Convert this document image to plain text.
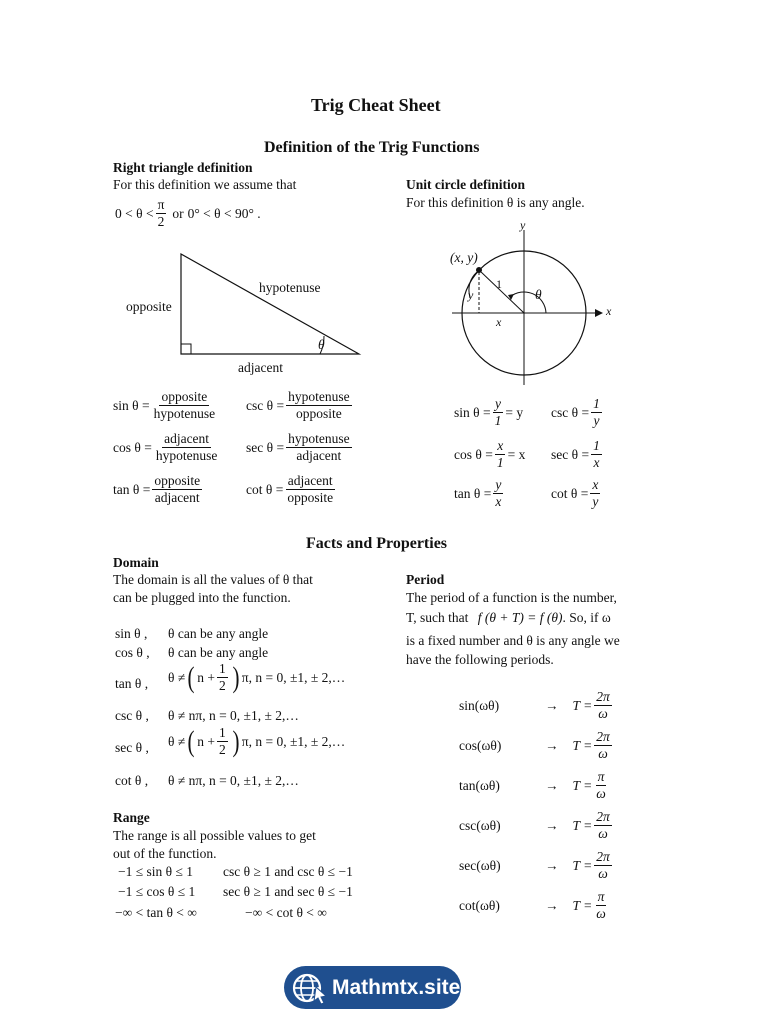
Trig Cheat Sheet
Definition of the Trig Functions
Right triangle definition
For this definition we assume that
$0 < \theta < \frac{\pi}{2}$ or 0° < θ < 90° .
opposite
hypotenuse
adjacent
θ
$\sin \theta = \frac{\text{opposite}}{\text{hypotenuse}}$ $\csc \theta = \frac{\text{hypotenuse}}{\text{opposite}}$
$\cos \theta = \frac{\text{adjacent}}{\text{hypotenuse}}$ $\sec \theta = \frac{\text{hypotenuse}}{\text{adjacent}}$
$\tan \theta = \frac{\text{opposite}}{\text{adjacent}}$	$\cot \theta = \frac{\text{adjacent}}{\text{opposite}}$
Unit circle definition
For this definition θ is any angle.
(x, y)
y
x
1
θ
y
x
$\sin \theta = \frac{y}{1} = y$ $\csc \theta = \frac{1}{y}$
$\cos \theta = \frac{x}{1} = x$ $\sec \theta = \frac{1}{x}$
$\tan \theta = \frac{y}{x}$	$\cot \theta = \frac{x}{y}$
Facts and Properties
Domain
The domain is all the values of θ that
can be plugged into the function.
sin θ , θ can be any angle
cos θ , θ can be any angle
tan θ , θ ≠ ( $n + \frac{1}{2}$ ) π, n = 0, ±1, ± 2,…
csc θ , θ ≠ nπ, n = 0, ±1, ± 2,…
sec θ , θ ≠ ( $n + \frac{1}{2}$ ) π, n = 0, ±1, ± 2,…
cot θ , θ ≠ nπ, n = 0, ±1, ± 2,…
Range
The range is all possible values to get
out of the function.
−1 ≤ sin θ ≤ 1 csc θ ≥ 1 and csc θ ≤ −1
−1 ≤ cos θ ≤ 1 sec θ ≥ 1 and sec θ ≤ −1
−∞ < tan θ < ∞	−∞ < cot θ < ∞
Period
The period of a function is the number,
T, such that f (θ + T) = f (θ). So, if ω
is a fixed number and θ is any angle we
have the following periods.
sin(ωθ)	→ $T = \frac{2\pi}{\omega}$
cos(ωθ)	→ $T = \frac{2\pi}{\omega}$
tan(ωθ)	→ $T = \frac{\pi}{\omega}$
csc(ωθ)	→ $T = \frac{2\pi}{\omega}$
sec(ωθ)	→ $T = \frac{2\pi}{\omega}$
cot(ωθ)	→ $T = \frac{\pi}{\omega}$
Mathmtx.site
